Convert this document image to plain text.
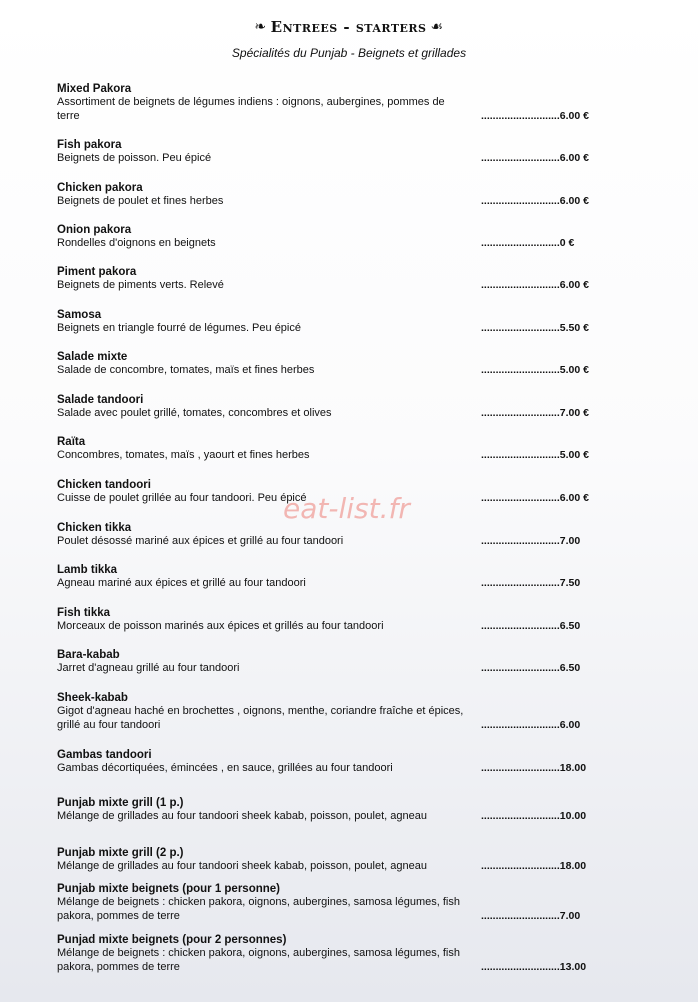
❧ Entrees - starters ☙
Spécialités du Punjab - Beignets et grillades
eat-list.fr
Mixed Pakora
Assortiment de beignets de légumes indiens : oignons, aubergines, pommes de terre	...........................6.00 €
Fish pakora
Beignets de poisson. Peu épicé	...........................6.00 €
Chicken pakora
Beignets de poulet et fines herbes	...........................6.00 €
Onion pakora
Rondelles d'oignons en beignets	...........................0 €
Piment pakora
Beignets de piments verts. Relevé	...........................6.00 €
Samosa
Beignets en triangle fourré de légumes. Peu épicé	...........................5.50 €
Salade mixte
Salade de concombre, tomates, maïs et fines herbes	...........................5.00 €
Salade tandoori
Salade avec poulet grillé, tomates, concombres et olives	...........................7.00 €
Raïta
Concombres, tomates, maïs , yaourt et fines herbes	...........................5.00 €
Chicken tandoori
Cuisse de poulet grillée au four tandoori. Peu épicé	...........................6.00 €
Chicken tikka
Poulet désossé mariné aux épices et grillé au four tandoori	...........................7.00
Lamb tikka
Agneau mariné aux épices et grillé au four tandoori	...........................7.50
Fish tikka
Morceaux de poisson marinés aux épices et grillés au four tandoori	...........................6.50
Bara-kabab
Jarret d'agneau grillé au four tandoori	...........................6.50
Sheek-kabab
Gigot d'agneau haché en brochettes , oignons, menthe, coriandre fraîche et épices, grillé au four tandoori	...........................6.00
Gambas tandoori
Gambas décortiquées, émincées , en sauce, grillées au four tandoori	...........................18.00
Punjab mixte grill (1 p.)
Mélange de grillades au four tandoori sheek kabab, poisson, poulet, agneau	...........................10.00
Punjab mixte grill (2 p.)
Mélange de grillades au four tandoori sheek kabab, poisson, poulet, agneau	...........................18.00
Punjab mixte beignets (pour 1 personne)
Mélange de beignets : chicken pakora, oignons, aubergines, samosa légumes, fish pakora, pommes de terre	...........................7.00
Punjad mixte beignets (pour 2 personnes)
Mélange de beignets : chicken pakora, oignons, aubergines, samosa légumes, fish pakora, pommes de terre	...........................13.00
